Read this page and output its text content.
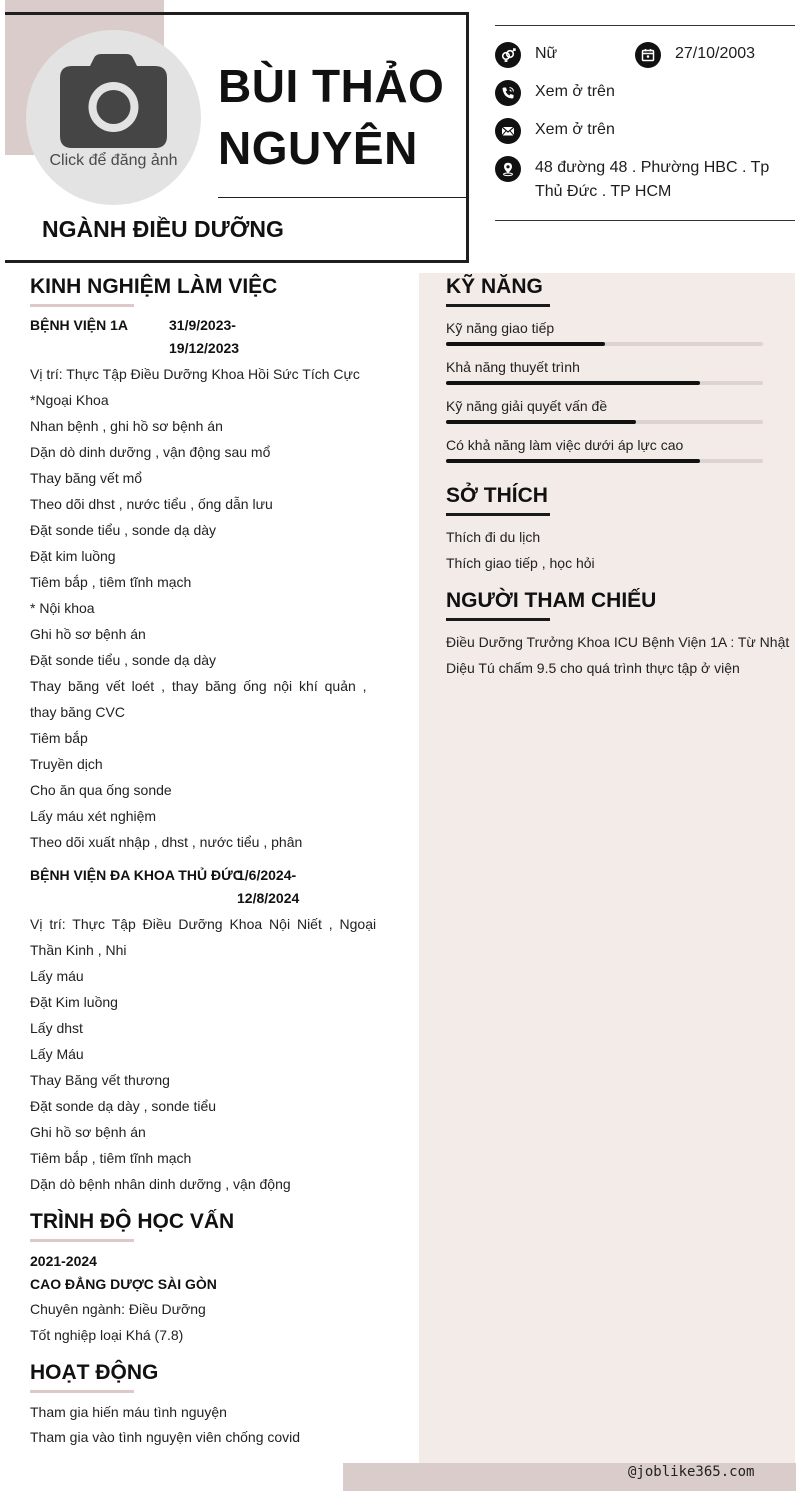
Click để đăng ảnh
BÙI THẢO NGUYÊN
NGÀNH ĐIỀU DƯỠNG
Nữ	27/10/2003
Xem ở trên
Xem ở trên
48 đường 48 . Phường HBC . Tp Thủ Đức . TP HCM
KINH NGHIỆM LÀM VIỆC
BỆNH VIỆN 1A	31/9/2023-
19/12/2023
Vị trí: Thực Tập Điều Dưỡng Khoa Hồi Sức Tích Cực
*Ngoại Khoa
Nhan bệnh , ghi hồ sơ bệnh án
Dặn dò dinh dưỡng , vận động sau mổ
Thay băng vết mổ
Theo dõi dhst , nước tiểu , ống dẫn lưu
Đặt sonde tiểu , sonde dạ dày
Đặt kim luồng
Tiêm bắp , tiêm tĩnh mạch
* Nội khoa
Ghi hồ sơ bệnh án
Đặt sonde tiểu , sonde dạ dày
Thay băng vết loét , thay băng ống nội khí quản ,
thay băng CVC
Tiêm bắp
Truyền dịch
Cho ăn qua ống sonde
Lấy máu xét nghiệm
Theo dõi xuất nhập , dhst , nước tiểu , phân
BỆNH VIỆN ĐA KHOA THỦ ĐỨC
1/6/2024-
12/8/2024
Vị trí: Thực Tập Điều Dưỡng Khoa Nội Niết , Ngoại
Thần Kinh , Nhi
Lấy máu
Đặt Kim luồng
Lấy dhst
Lấy Máu
Thay Băng vết thương
Đặt sonde dạ dày , sonde tiểu
Ghi hồ sơ bệnh án
Tiêm bắp , tiêm tĩnh mạch
Dặn dò bệnh nhân dinh dưỡng , vận động
TRÌNH ĐỘ HỌC VẤN
2021-2024
CAO ĐẲNG DƯỢC SÀI GÒN
Chuyên ngành: Điều Dưỡng
Tốt nghiệp loại Khá (7.8)
HOẠT ĐỘNG
Tham gia hiến máu tình nguyện
Tham gia vào tình nguyện viên chống covid
KỸ NĂNG
Kỹ năng giao tiếp
Khả năng thuyết trình
Kỹ năng giải quyết vấn đề
Có khả năng làm việc dưới áp lực cao
SỞ THÍCH
Thích đi du lịch
Thích giao tiếp , học hỏi
NGƯỜI THAM CHIẾU
Điều Dưỡng Trưởng Khoa ICU Bệnh Viện 1A : Từ Nhật
Diệu Tú chấm 9.5 cho quá trình thực tập ở viện
@joblike365.com
